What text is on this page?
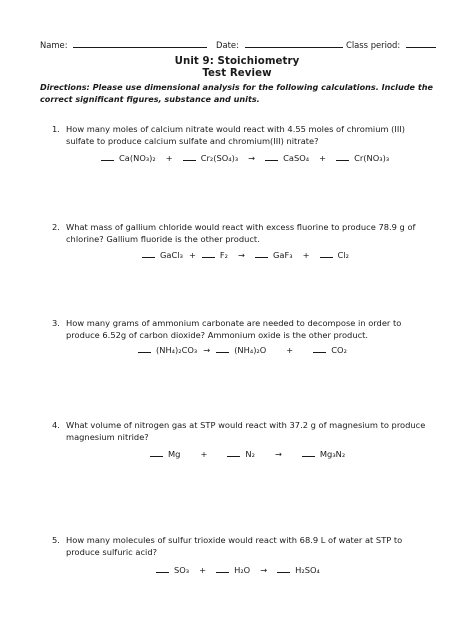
Name:	Date:	Class period:
Unit 9: Stoichiometry
Test Review
Directions: Please use dimensional analysis for the following calculations. Include the correct significant figures, substance and units.
1. How many moles of calcium nitrate would react with 4.55 moles of chromium (III) sulfate to produce calcium sulfate and chromium(III) nitrate?
Ca(NO₃)₂ +	Cr₂(SO₄)₃ →	CaSO₄ +	Cr(NO₃)₃
2. What mass of gallium chloride would react with excess fluorine to produce 78.9 g of chlorine? Gallium fluoride is the other product.
GaCl₃ +	F₂ →	GaF₃ +	Cl₂
3. How many grams of ammonium carbonate are needed to decompose in order to produce 6.52g of carbon dioxide? Ammonium oxide is the other product.
(NH₄)₂CO₃ →	(NH₄)₂O +	CO₂
4. What volume of nitrogen gas at STP would react with 37.2 g of magnesium to produce magnesium nitride?
Mg +	N₂ →	Mg₃N₂
5. How many molecules of sulfur trioxide would react with 68.9 L of water at STP to produce sulfuric acid?
SO₃ +	H₂O →	H₂SO₄
